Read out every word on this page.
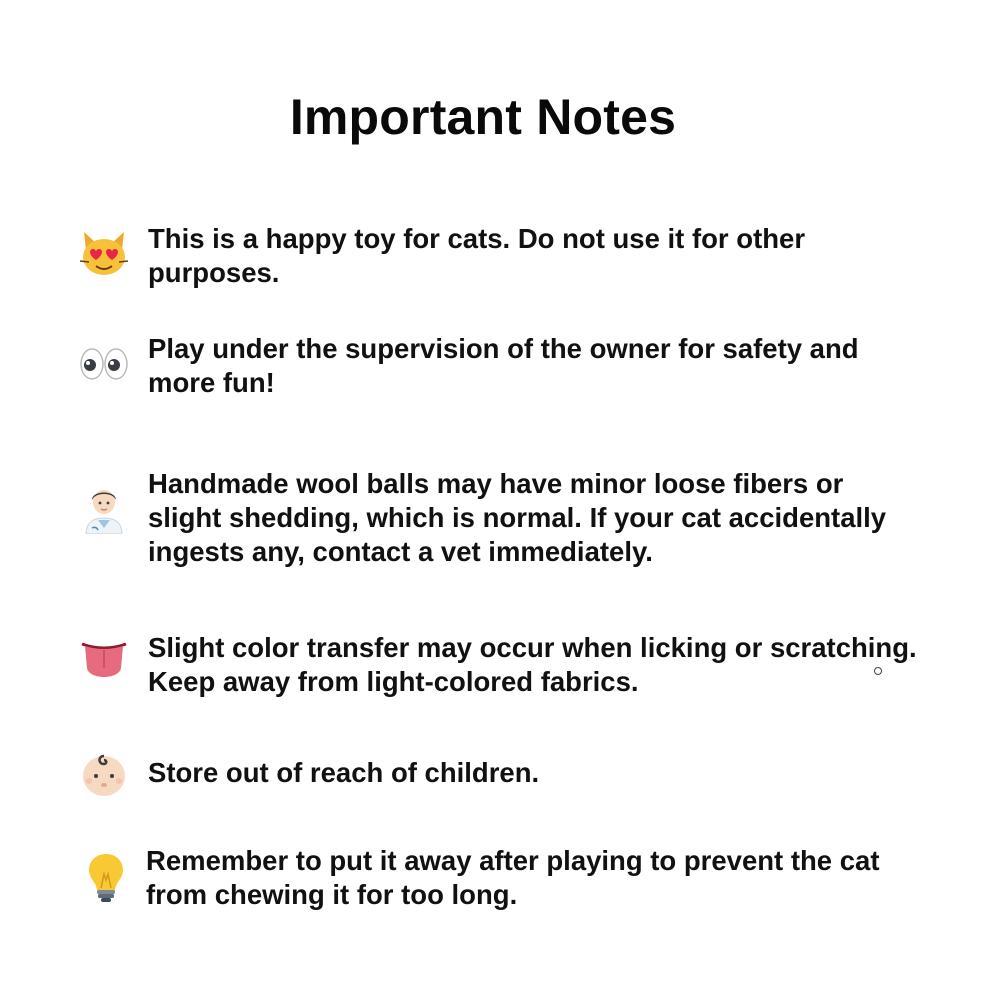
Important Notes
This is a happy toy for cats. Do not use it for other
purposes.
Play under the supervision of the owner for safety and
more fun!
Handmade wool balls may have minor loose fibers or
slight shedding, which is normal. If your cat accidentally
ingests any, contact a vet immediately.
Slight color transfer may occur when licking or scratching.
Keep away from light-colored fabrics.
Store out of reach of children.
Remember to put it away after playing to prevent the cat
from chewing it for too long.
